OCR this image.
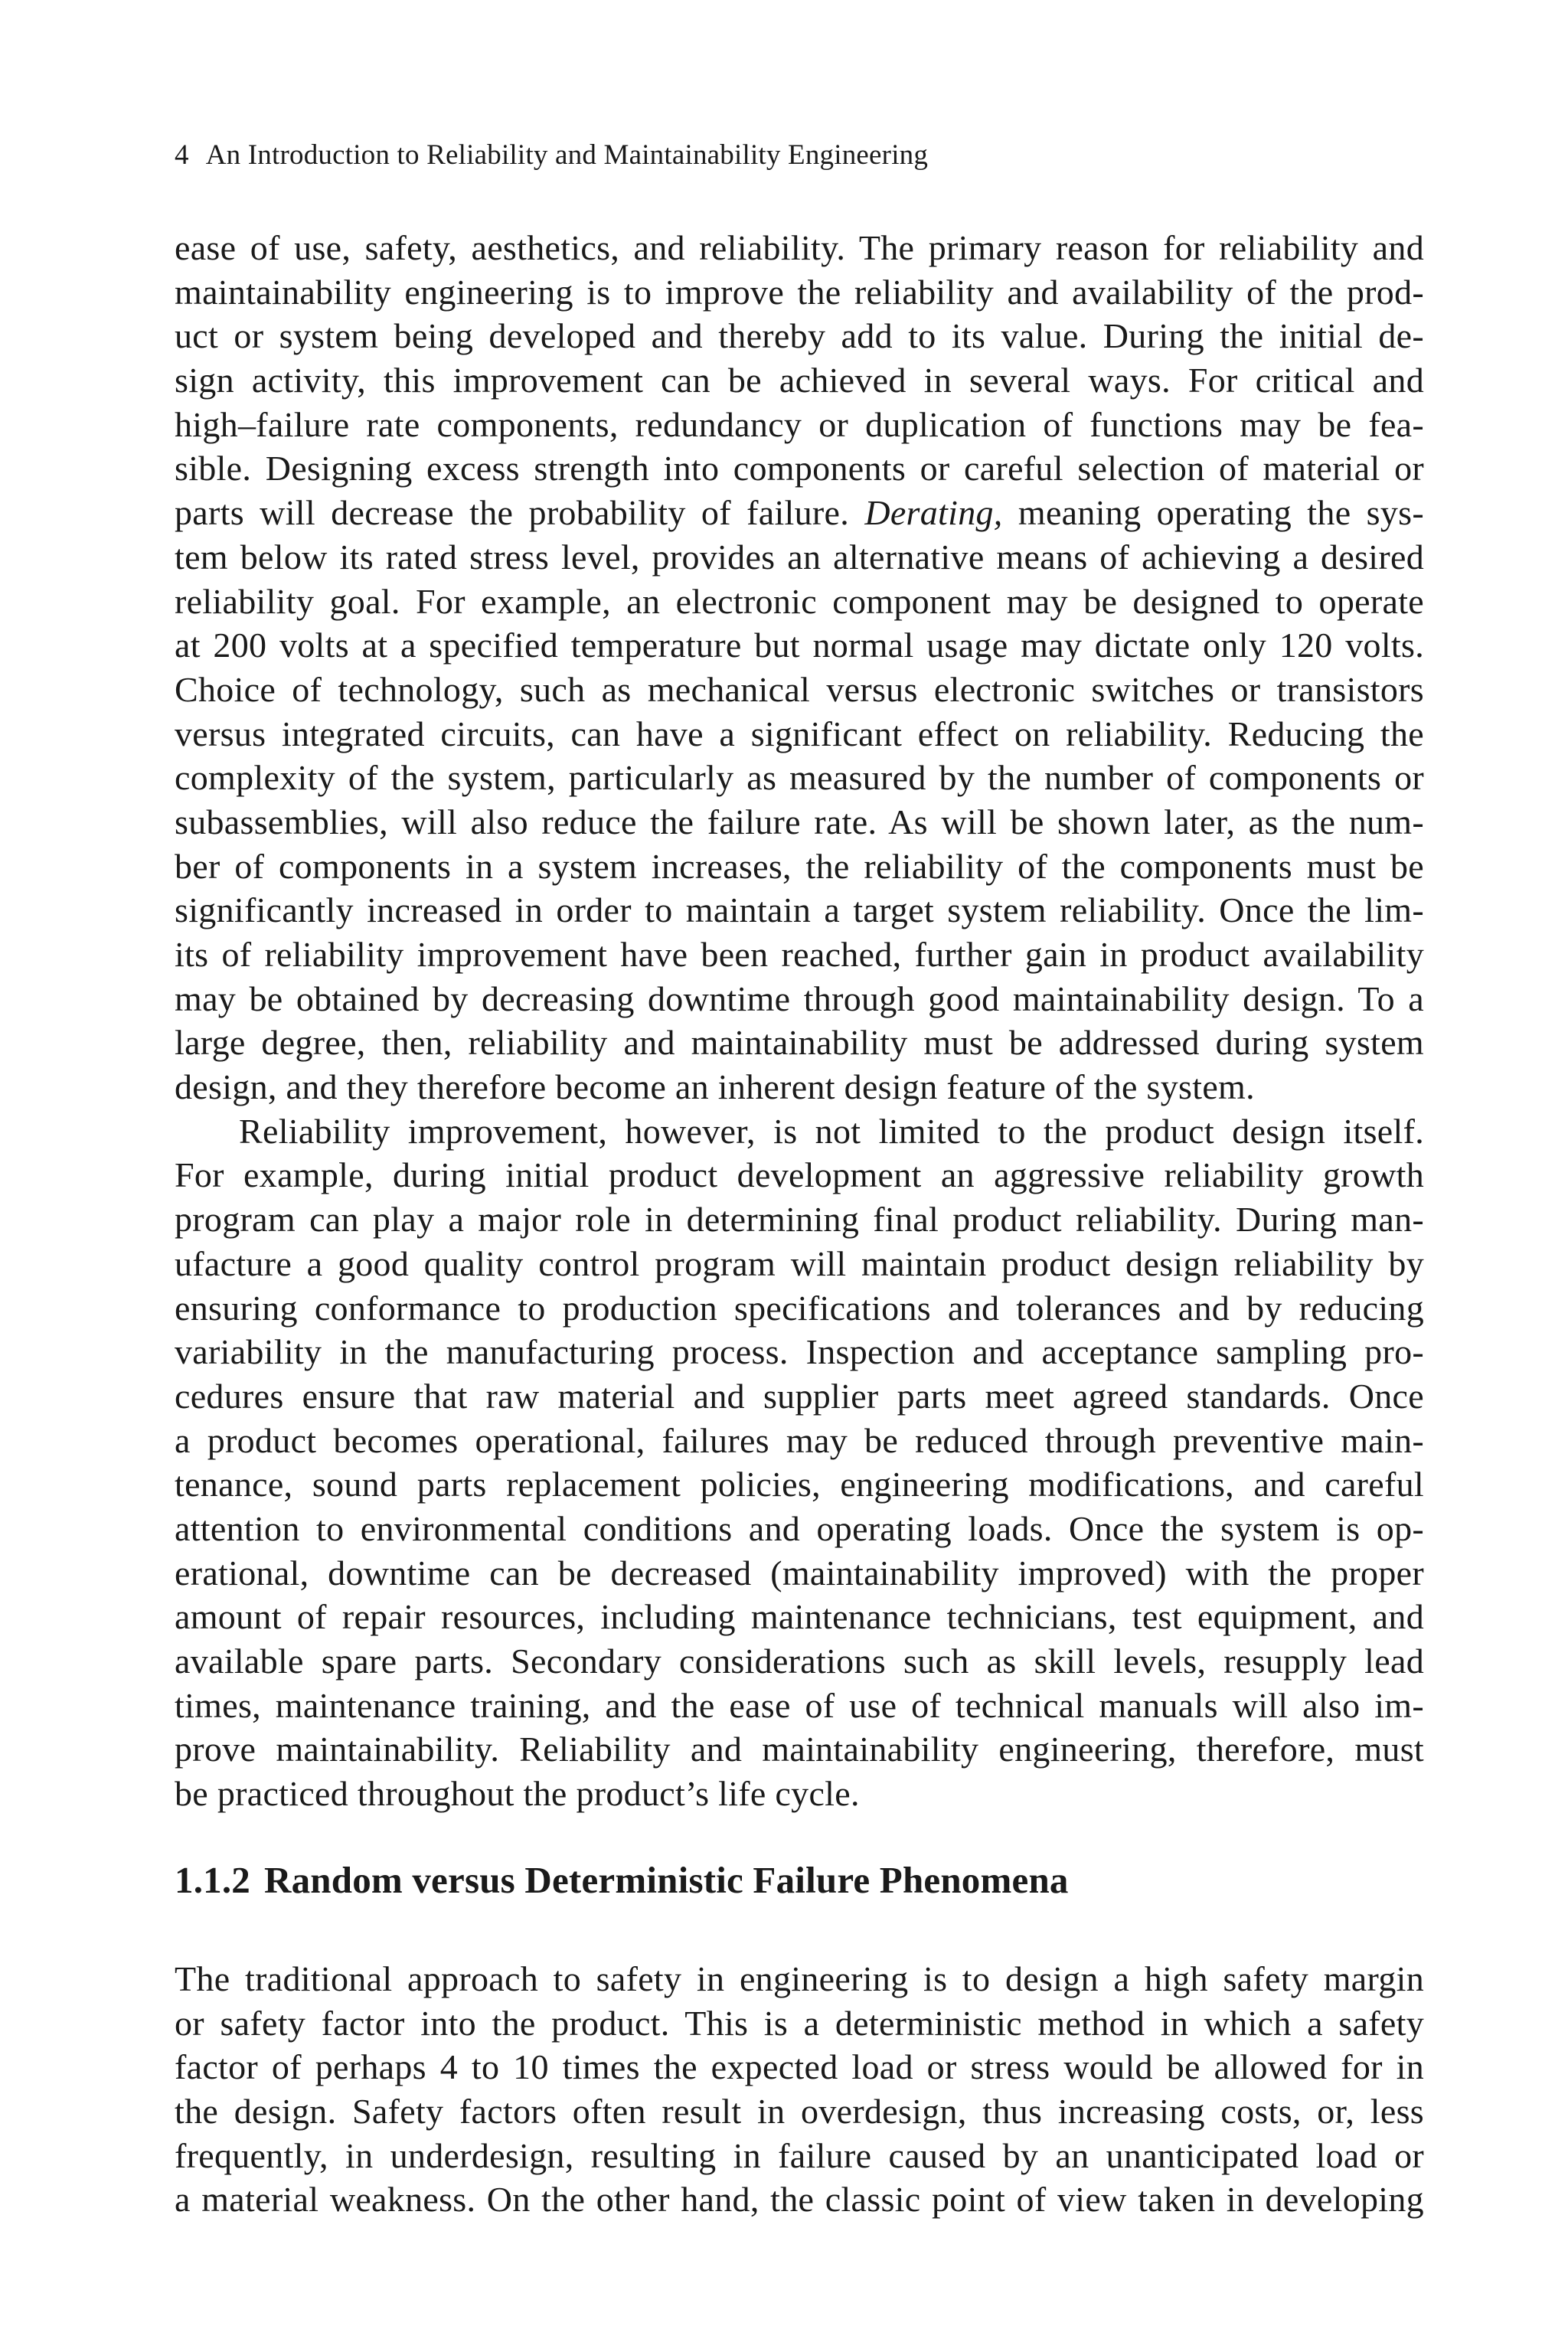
4 An Introduction to Reliability and Maintainability Engineering
ease of use, safety, aesthetics, and reliability. The primary reason for reliability and
maintainability engineering is to improve the reliability and availability of the prod-
uct or system being developed and thereby add to its value. During the initial de-
sign activity, this improvement can be achieved in several ways. For critical and
high–failure rate components, redundancy or duplication of functions may be fea-
sible. Designing excess strength into components or careful selection of material or
parts will decrease the probability of failure. Derating, meaning operating the sys-
tem below its rated stress level, provides an alternative means of achieving a desired
reliability goal. For example, an electronic component may be designed to operate
at 200 volts at a specified temperature but normal usage may dictate only 120 volts.
Choice of technology, such as mechanical versus electronic switches or transistors
versus integrated circuits, can have a significant effect on reliability. Reducing the
complexity of the system, particularly as measured by the number of components or
subassemblies, will also reduce the failure rate. As will be shown later, as the num-
ber of components in a system increases, the reliability of the components must be
significantly increased in order to maintain a target system reliability. Once the lim-
its of reliability improvement have been reached, further gain in product availability
may be obtained by decreasing downtime through good maintainability design. To a
large degree, then, reliability and maintainability must be addressed during system
design, and they therefore become an inherent design feature of the system.
Reliability improvement, however, is not limited to the product design itself.
For example, during initial product development an aggressive reliability growth
program can play a major role in determining final product reliability. During man-
ufacture a good quality control program will maintain product design reliability by
ensuring conformance to production specifications and tolerances and by reducing
variability in the manufacturing process. Inspection and acceptance sampling pro-
cedures ensure that raw material and supplier parts meet agreed standards. Once
a product becomes operational, failures may be reduced through preventive main-
tenance, sound parts replacement policies, engineering modifications, and careful
attention to environmental conditions and operating loads. Once the system is op-
erational, downtime can be decreased (maintainability improved) with the proper
amount of repair resources, including maintenance technicians, test equipment, and
available spare parts. Secondary considerations such as skill levels, resupply lead
times, maintenance training, and the ease of use of technical manuals will also im-
prove maintainability. Reliability and maintainability engineering, therefore, must
be practiced throughout the product’s life cycle.
1.1.2 Random versus Deterministic Failure Phenomena
The traditional approach to safety in engineering is to design a high safety margin
or safety factor into the product. This is a deterministic method in which a safety
factor of perhaps 4 to 10 times the expected load or stress would be allowed for in
the design. Safety factors often result in overdesign, thus increasing costs, or, less
frequently, in underdesign, resulting in failure caused by an unanticipated load or
a material weakness. On the other hand, the classic point of view taken in developing
